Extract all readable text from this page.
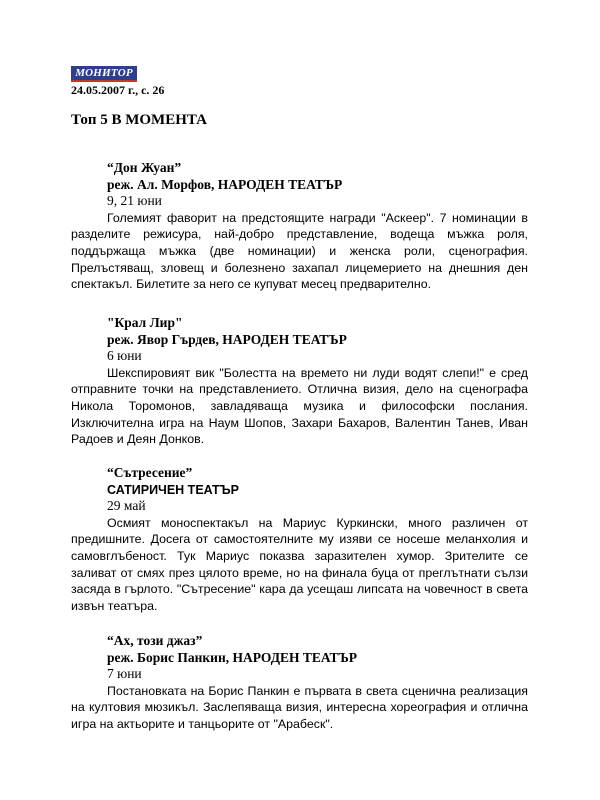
МОНИТОР
24.05.2007 г., с. 26
Топ 5 В МОМЕНТА
“Дон Жуан”
реж. Ал. Морфов, НАРОДЕН ТЕАТЪР
9, 21 юни

Големият фаворит на предстоящите награди "Аскеер". 7 номинации в разделите режисура, най-добро представление, водеща мъжка роля, поддържаща мъжка (две номинации) и женска роли, сценография. Прелъстяващ, зловещ и болезнено захапал лицемерието на днешния ден спектакъл. Билетите за него се купуват месец предварително.

"Крал Лир"
реж. Явор Гърдев, НАРОДЕН ТЕАТЪР
6 юни

Шекспировият вик "Болестта на времето ни луди водят слепи!" е сред отправните точки на представлението. Отлична визия, дело на сценографа Никола Торомонов, завладяваща музика и философски послания. Изключителна игра на Наум Шопов, Захари Бахаров, Валентин Танев, Иван Радоев и Деян Донков.

“Сътресение”
САТИРИЧЕН ТЕАТЪР
29 май

Осмият моноспектакъл на Мариус Куркински, много различен от предишните. Досега от самостоятелните му изяви се носеше меланхолия и самовглъбеност. Тук Мариус показва заразителен хумор. Зрителите се заливат от смях през цялото време, но на финала буца от преглътнати сълзи засяда в гърлото. "Сътресение" кара да усещаш липсата на човечност в света извън театъра.

“Ах, този джаз”
реж. Борис Панкин, НАРОДЕН ТЕАТЪР
7 юни

Постановката на Борис Панкин е първата в света сценична реализация на култовия мюзикъл. Заслепяваща визия, интересна хореография и отлична игра на актьорите и танцьорите от "Арабеск".
